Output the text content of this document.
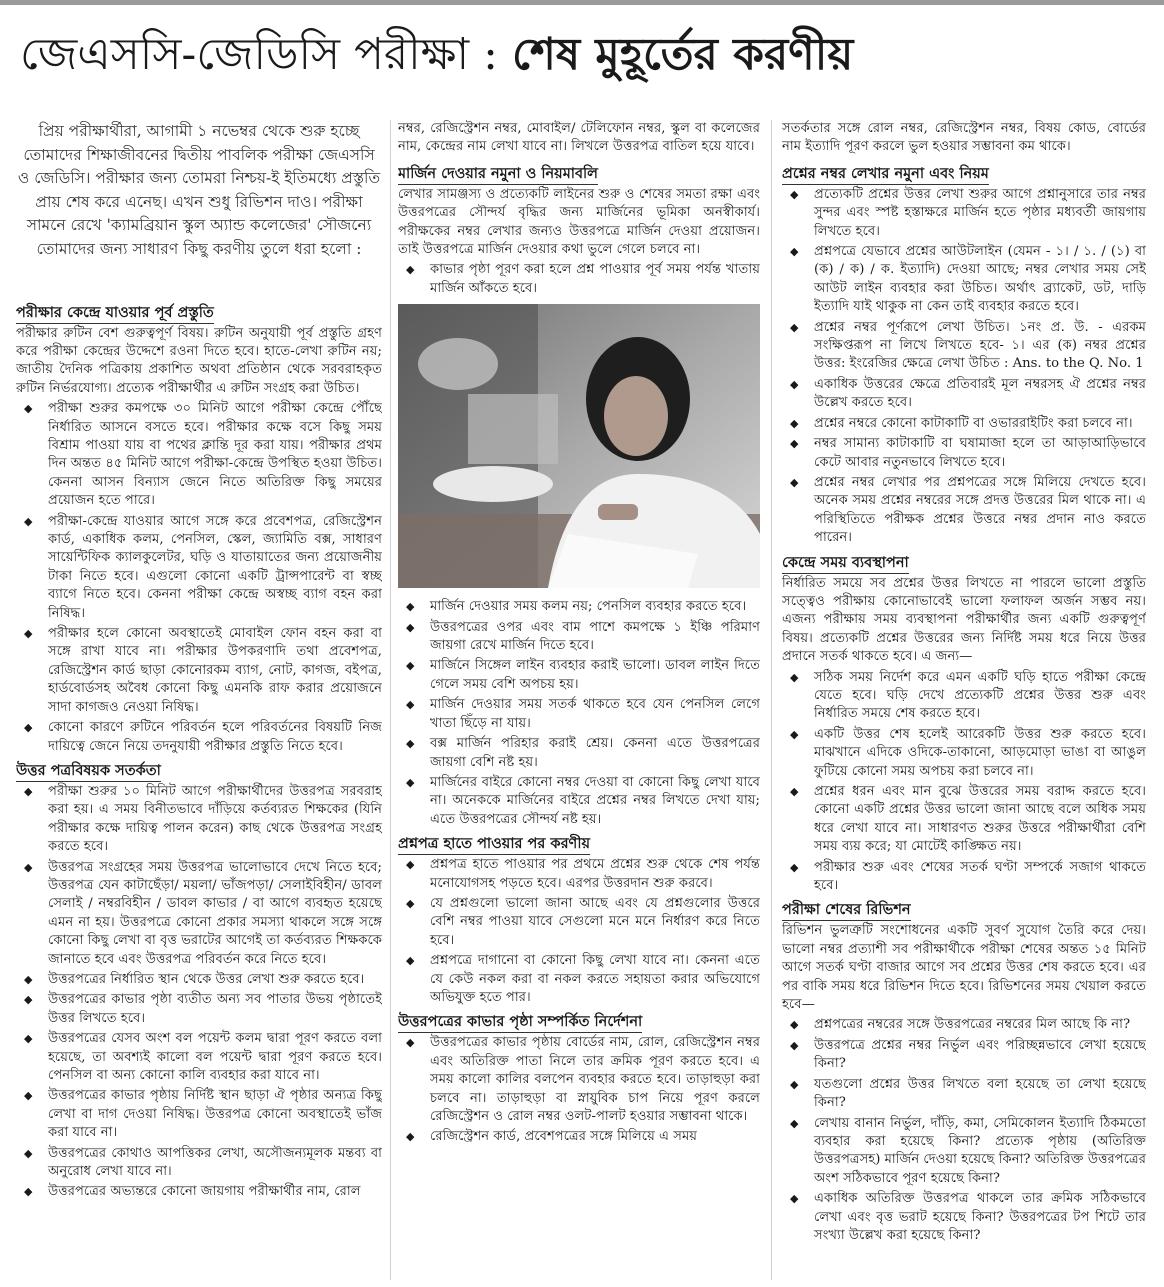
জেএসসি-জেডিসি পরীক্ষা : শেষ মুহূর্তের করণীয়

প্রিয় পরীক্ষার্থীরা, আগামী ১ নভেম্বর থেকে শুরু হচ্ছে তোমাদের শিক্ষাজীবনের দ্বিতীয় পাবলিক পরীক্ষা জেএসসি ও জেডিসি। পরীক্ষার জন্য তোমরা নিশ্চয়-ই ইতিমধ্যে প্রস্তুতি প্রায় শেষ করে এনেছ। এখন শুধু রিভিশন দাও। পরীক্ষা সামনে রেখে 'ক্যামব্রিয়ান স্কুল অ্যান্ড কলেজের' সৌজন্যে তোমাদের জন্য সাধারণ কিছু করণীয় তুলে ধরা হলো :

পরীক্ষার কেন্দ্রে যাওয়ার পূর্ব প্রস্তুতি

পরীক্ষার রুটিন বেশ গুরুত্বপূর্ণ বিষয়। রুটিন অনুযায়ী পূর্ব প্রস্তুতি গ্রহণ করে পরীক্ষা কেন্দ্রের উদ্দেশে রওনা দিতে হবে। হাতে-লেখা রুটিন নয়; জাতীয় দৈনিক পত্রিকায় প্রকাশিত অথবা প্রতিষ্ঠান থেকে সরবরাহকৃত রুটিন নির্ভরযোগ্য। প্রত্যেক পরীক্ষার্থীর এ রুটিন সংগ্রহ করা উচিত।

◆ পরীক্ষা শুরুর কমপক্ষে ৩০ মিনিট আগে পরীক্ষা কেন্দ্রে পৌঁছে নির্ধারিত আসনে বসতে হবে। পরীক্ষার কক্ষে বসে কিছু সময় বিশ্রাম পাওয়া যায় বা পথের ক্লান্তি দূর করা যায়। পরীক্ষার প্রথম দিন অন্তত ৪৫ মিনিট আগে পরীক্ষা-কেন্দ্রে উপস্থিত হওয়া উচিত। কেননা আসন বিন্যাস জেনে নিতে অতিরিক্ত কিছু সময়ের প্রয়োজন হতে পারে।
◆ পরীক্ষা-কেন্দ্রে যাওয়ার আগে সঙ্গে করে প্রবেশপত্র, রেজিস্ট্রেশন কার্ড, একাধিক কলম, পেনসিল, স্কেল, জ্যামিতি বক্স, সাধারণ সায়েন্টিফিক ক্যালকুলেটর, ঘড়ি ও যাতায়াতের জন্য প্রয়োজনীয় টাকা নিতে হবে। এগুলো কোনো একটি ট্রান্সপারেন্ট বা স্বচ্ছ ব্যাগে নিতে হবে। কেননা পরীক্ষা কেন্দ্রে অস্বচ্ছ ব্যাগ বহন করা নিষিদ্ধ।
◆ পরীক্ষার হলে কোনো অবস্থাতেই মোবাইল ফোন বহন করা বা সঙ্গে রাখা যাবে না। পরীক্ষার উপকরণাদি তথা প্রবেশপত্র, রেজিস্ট্রেশন কার্ড ছাড়া কোনোরকম ব্যাগ, নোট, কাগজ, বইপত্র, হার্ডবোর্ডসহ অবৈধ কোনো কিছু এমনকি রাফ করার প্রয়োজনে সাদা কাগজও নেওয়া নিষিদ্ধ।
◆ কোনো কারণে রুটিনে পরিবর্তন হলে পরিবর্তনের বিষয়টি নিজ দায়িত্বে জেনে নিয়ে তদনুযায়ী পরীক্ষার প্রস্তুতি নিতে হবে।
উত্তর পত্রবিষয়ক সতর্কতা
◆ পরীক্ষা শুরুর ১০ মিনিট আগে পরীক্ষার্থীদের উত্তরপত্র সরবরাহ করা হয়। এ সময় বিনীতভাবে দাঁড়িয়ে কর্তব্যরত শিক্ষকের (যিনি পরীক্ষার কক্ষে দায়িত্ব পালন করেন) কাছ থেকে উত্তরপত্র সংগ্রহ করতে হবে।
◆ উত্তরপত্র সংগ্রহের সময় উত্তরপত্র ভালোভাবে দেখে নিতে হবে; উত্তরপত্র যেন কাটাছেঁড়া/ ময়লা/ ভাঁজপড়া/ সেলাইবিহীন/ ডাবল সেলাই / নম্বরবিহীন / ডাবল কাভার / বা আগে ব্যবহৃত হয়েছে এমন না হয়। উত্তরপত্রে কোনো প্রকার সমস্যা থাকলে সঙ্গে সঙ্গে কোনো কিছু লেখা বা বৃত্ত ভরাটের আগেই তা কর্তব্যরত শিক্ষককে জানাতে হবে এবং উত্তরপত্র পরিবর্তন করে নিতে হবে।
◆ উত্তরপত্রের নির্ধারিত স্থান থেকে উত্তর লেখা শুরু করতে হবে।
◆ উত্তরপত্রের কাভার পৃষ্ঠা ব্যতীত অন্য সব পাতার উভয় পৃষ্ঠাতেই উত্তর লিখতে হবে।
◆ উত্তরপত্রের যেসব অংশ বল পয়েন্ট কলম দ্বারা পূরণ করতে বলা হয়েছে, তা অবশ্যই কালো বল পয়েন্ট দ্বারা পূরণ করতে হবে। পেনসিল বা অন্য কোনো কালি ব্যবহার করা যাবে না।
◆ উত্তরপত্রের কাভার পৃষ্ঠায় নির্দিষ্ট স্থান ছাড়া ঐ পৃষ্ঠার অন্যত্র কিছু লেখা বা দাগ দেওয়া নিষিদ্ধ। উত্তরপত্র কোনো অবস্থাতেই ভাঁজ করা যাবে না।
◆ উত্তরপত্রের কোথাও আপত্তিকর লেখা, অসৌজন্যমূলক মন্তব্য বা অনুরোধ লেখা যাবে না।
◆ উত্তরপত্রের অভ্যন্তরে কোনো জায়গায় পরীক্ষার্থীর নাম, রোল

নম্বর, রেজিস্ট্রেশন নম্বর, মোবাইল/ টেলিফোন নম্বর, স্কুল বা কলেজের নাম, কেন্দ্রের নাম লেখা যাবে না। লিখলে উত্তরপত্র বাতিল হয়ে যাবে।

মার্জিন দেওয়ার নমুনা ও নিয়মাবলি

লেখার সামঞ্জস্য ও প্রত্যেকটি লাইনের শুরু ও শেষের সমতা রক্ষা এবং উত্তরপত্রের সৌন্দর্য বৃদ্ধির জন্য মার্জিনের ভূমিকা অনস্বীকার্য। পরীক্ষকের নম্বর লেখার জন্যও উত্তরপত্রে মার্জিন দেওয়া প্রয়োজন। তাই উত্তরপত্রে মার্জিন দেওয়ার কথা ভুলে গেলে চলবে না।

◆ কাভার পৃষ্ঠা পূরণ করা হলে প্রশ্ন পাওয়ার পূর্ব সময় পর্যন্ত খাতায় মার্জিন আঁকতে হবে।
◆ মার্জিন দেওয়ার সময় কলম নয়; পেনসিল ব্যবহার করতে হবে।
◆ উত্তরপত্রের ওপর এবং বাম পাশে কমপক্ষে ১ ইঞ্চি পরিমাণ জায়গা রেখে মার্জিন দিতে হবে।
◆ মার্জিনে সিঙ্গেল লাইন ব্যবহার করাই ভালো। ডাবল লাইন দিতে গেলে সময় বেশি অপচয় হয়।
◆ মার্জিন দেওয়ার সময় সতর্ক থাকতে হবে যেন পেনসিল লেগে খাতা ছিঁড়ে না যায়।
◆ বক্স মার্জিন পরিহার করাই শ্রেয়। কেননা এতে উত্তরপত্রের জায়গা বেশি নষ্ট হয়।
◆ মার্জিনের বাইরে কোনো নম্বর দেওয়া বা কোনো কিছু লেখা যাবে না। অনেককে মার্জিনের বাইরে প্রশ্নের নম্বর লিখতে দেখা যায়; এতে উত্তরপত্রের সৌন্দর্য নষ্ট হয়।
প্রশ্নপত্র হাতে পাওয়ার পর করণীয়
◆ প্রশ্নপত্র হাতে পাওয়ার পর প্রথমে প্রশ্নের শুরু থেকে শেষ পর্যন্ত মনোযোগসহ পড়তে হবে। এরপর উত্তরদান শুরু করবে।
◆ যে প্রশ্নগুলো ভালো জানা আছে এবং যে প্রশ্নগুলোর উত্তরে বেশি নম্বর পাওয়া যাবে সেগুলো মনে মনে নির্ধারণ করে নিতে হবে।
◆ প্রশ্নপত্রে দাগানো বা কোনো কিছু লেখা যাবে না। কেননা এতে যে কেউ নকল করা বা নকল করতে সহায়তা করার অভিযোগে অভিযুক্ত হতে পার।
উত্তরপত্রের কাভার পৃষ্ঠা সম্পর্কিত নির্দেশনা
◆ উত্তরপত্রের কাভার পৃষ্ঠায় বোর্ডের নাম, রোল, রেজিস্ট্রেশন নম্বর এবং অতিরিক্ত পাতা নিলে তার ক্রমিক পূরণ করতে হবে। এ সময় কালো কালির বলপেন ব্যবহার করতে হবে। তাড়াহুড়া করা চলবে না। তাড়াহুড়া বা স্নায়ুবিক চাপ নিয়ে পূরণ করলে রেজিস্ট্রেশন ও রোল নম্বর ওলট-পালট হওয়ার সম্ভাবনা থাকে।
◆ রেজিস্ট্রেশন কার্ড, প্রবেশপত্রের সঙ্গে মিলিয়ে এ সময়

সতর্কতার সঙ্গে রোল নম্বর, রেজিস্ট্রেশন নম্বর, বিষয় কোড, বোর্ডের নাম ইত্যাদি পূরণ করলে ভুল হওয়ার সম্ভাবনা কম থাকে।

প্রশ্নের নম্বর লেখার নমুনা এবং নিয়ম
◆ প্রত্যেকটি প্রশ্নের উত্তর লেখা শুরুর আগে প্রশ্নানুসারে তার নম্বর সুন্দর এবং স্পষ্ট হস্তাক্ষরে মার্জিন হতে পৃষ্ঠার মধ্যবর্তী জায়গায় লিখতে হবে।
◆ প্রশ্নপত্রে যেভাবে প্রশ্নের আউটলাইন (যেমন - ১। / ১. / (১) বা (ক) / ক) / ক. ইত্যাদি) দেওয়া আছে; নম্বর লেখার সময় সেই আউট লাইন ব্যবহার করা উচিত। অর্থাৎ ব্র্যাকেট, ডট, দাড়ি ইত্যাদি যাই থাকুক না কেন তাই ব্যবহার করতে হবে।
◆ প্রশ্নের নম্বর পূর্ণরূপে লেখা উচিত। ১নং প্র. উ. - এরকম সংক্ষিপ্তরূপ না লিখে লিখতে হবে- ১। এর (ক) নম্বর প্রশ্নের উত্তর: ইংরেজির ক্ষেত্রে লেখা উচিত : Ans. to the Q. No. 1
◆ একাধিক উত্তরের ক্ষেত্রে প্রতিবারই মূল নম্বরসহ ঐ প্রশ্নের নম্বর উল্লেখ করতে হবে।
◆ প্রশ্নের নম্বরে কোনো কাটাকাটি বা ওভাররাইটিং করা চলবে না।
◆ নম্বর সামান্য কাটাকাটি বা ঘষামাজা হলে তা আড়াআড়িভাবে কেটে আবার নতুনভাবে লিখতে হবে।
◆ প্রশ্নের নম্বর লেখার পর প্রশ্নপত্রের সঙ্গে মিলিয়ে দেখতে হবে। অনেক সময় প্রশ্নের নম্বরের সঙ্গে প্রদত্ত উত্তরের মিল থাকে না। এ পরিস্থিতিতে পরীক্ষক প্রশ্নের উত্তরে নম্বর প্রদান নাও করতে পারেন।
কেন্দ্রে সময় ব্যবস্থাপনা

নির্ধারিত সময়ে সব প্রশ্নের উত্তর লিখতে না পারলে ভালো প্রস্তুতি সত্ত্বেও পরীক্ষায় কোনোভাবেই ভালো ফলাফল অর্জন সম্ভব নয়। এজন্য পরীক্ষায় সময় ব্যবস্থাপনা পরীক্ষার্থীর জন্য একটি গুরুত্বপূর্ণ বিষয়। প্রত্যেকটি প্রশ্নের উত্তরের জন্য নির্দিষ্ট সময় ধরে নিয়ে উত্তর প্রদানে সতর্ক থাকতে হবে। এ জন্য—

◆ সঠিক সময় নির্দেশ করে এমন একটি ঘড়ি হাতে পরীক্ষা কেন্দ্রে যেতে হবে। ঘড়ি দেখে প্রত্যেকটি প্রশ্নের উত্তর শুরু এবং নির্ধারিত সময়ে শেষ করতে হবে।
◆ একটি উত্তর শেষ হলেই আরেকটি উত্তর শুরু করতে হবে। মাঝখানে এদিকে ওদিকে-তাকানো, আড়মোড়া ভাঙা বা আঙুল ফুটিয়ে কোনো সময় অপচয় করা চলবে না।
◆ প্রশ্নের ধরন এবং মান বুঝে উত্তরের সময় বরাদ্দ করতে হবে। কোনো একটি প্রশ্নের উত্তর ভালো জানা আছে বলে অধিক সময় ধরে লেখা যাবে না। সাধারণত শুরুর উত্তরে পরীক্ষার্থীরা বেশি সময় ব্যয় করে; যা মোটেই কাঙ্ক্ষিত নয়।
◆ পরীক্ষার শুরু এবং শেষের সতর্ক ঘণ্টা সম্পর্কে সজাগ থাকতে হবে।
পরীক্ষা শেষের রিভিশন

রিভিশন ভুলত্রুটি সংশোধনের একটি সুবর্ণ সুযোগ তৈরি করে দেয়। ভালো নম্বর প্রত্যাশী সব পরীক্ষার্থীকে পরীক্ষা শেষের অন্তত ১৫ মিনিট আগে সতর্ক ঘণ্টা বাজার আগে সব প্রশ্নের উত্তর শেষ করতে হবে। এর পর বাকি সময় ধরে রিভিশন দিতে হবে। রিভিশনের সময় খেয়াল করতে হবে—

◆ প্রশ্নপত্রের নম্বরের সঙ্গে উত্তরপত্রের নম্বরের মিল আছে কি না?
◆ উত্তরপত্রে প্রশ্নের নম্বর নির্ভুল এবং পরিচ্ছন্নভাবে লেখা হয়েছে কিনা?
◆ যতগুলো প্রশ্নের উত্তর লিখতে বলা হয়েছে তা লেখা হয়েছে কিনা?
◆ লেখায় বানান নির্ভুল, দাঁড়ি, কমা, সেমিকোলন ইত্যাদি ঠিকমতো ব্যবহার করা হয়েছে কিনা? প্রত্যেক পৃষ্ঠায় (অতিরিক্ত উত্তরপত্রসহ) মার্জিন দেওয়া হয়েছে কিনা? অতিরিক্ত উত্তরপত্রের অংশ সঠিকভাবে পূরণ হয়েছে কিনা?
◆ একাধিক অতিরিক্ত উত্তরপত্র থাকলে তার ক্রমিক সঠিকভাবে লেখা এবং বৃত্ত ভরাট হয়েছে কিনা? উত্তরপত্রের টপ শিটে তার সংখ্যা উল্লেখ করা হয়েছে কিনা?
